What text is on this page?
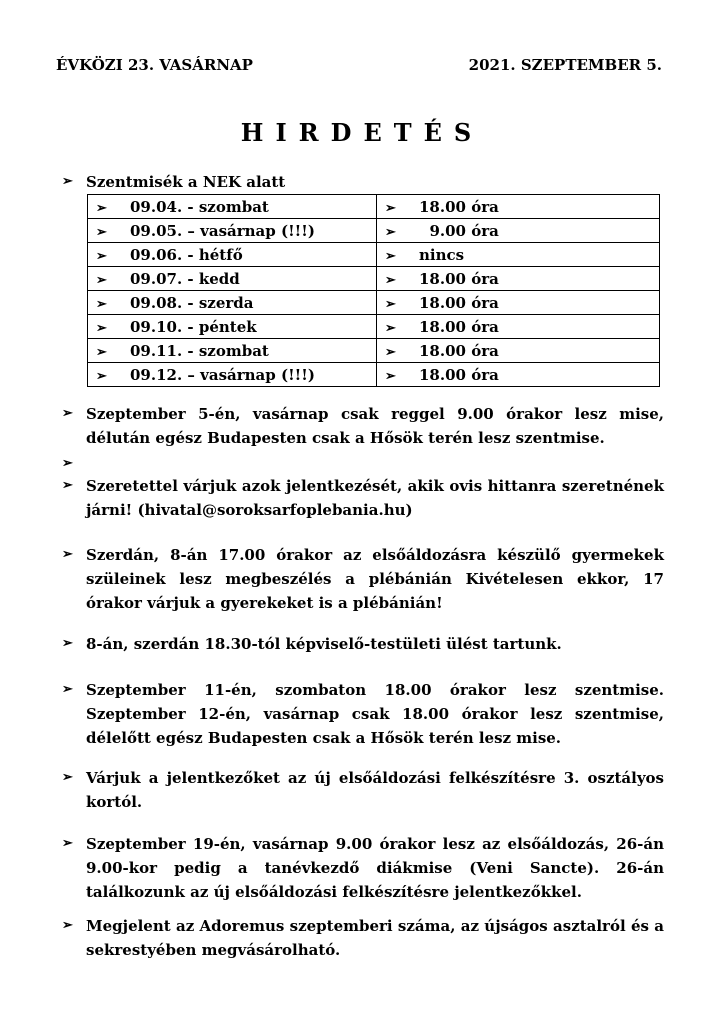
ÉVKÖZI 23. VASÁRNAP	2021. SZEPTEMBER 5.
HIRDETÉS
➢ Szentmisék a NEK alatt
➢ 09.04. - szombat	➢ 18.00 óra
➢ 09.05. – vasárnap (!!!)	➢  9.00 óra
➢ 09.06. - hétfő	➢ nincs
➢ 09.07. - kedd	➢ 18.00 óra
➢ 09.08. - szerda	➢ 18.00 óra
➢ 09.10. - péntek	➢ 18.00 óra
➢ 09.11. - szombat	➢ 18.00 óra
➢ 09.12. – vasárnap (!!!)	➢ 18.00 óra
➢ Szeptember 5-én, vasárnap csak reggel 9.00 órakor lesz mise, délután egész Budapesten csak a Hősök terén lesz szentmise.
➢
➢ Szeretettel várjuk azok jelentkezését, akik ovis hittanra szeretnének járni! (hivatal@soroksarfoplebania.hu)
➢ Szerdán, 8-án 17.00 órakor az elsőáldozásra készülő gyermekek szüleinek lesz megbeszélés a plébánián Kivételesen ekkor, 17 órakor várjuk a gyerekeket is a plébánián!
➢ 8-án, szerdán 18.30-tól képviselő-testületi ülést tartunk.
➢ Szeptember 11-én, szombaton 18.00 órakor lesz szentmise. Szeptember 12-én, vasárnap csak 18.00 órakor lesz szentmise, délelőtt egész Budapesten csak a Hősök terén lesz mise.
➢ Várjuk a jelentkezőket az új elsőáldozási felkészítésre 3. osztályos kortól.
➢ Szeptember 19-én, vasárnap 9.00 órakor lesz az elsőáldozás, 26-án 9.00-kor pedig a tanévkezdő diákmise (Veni Sancte). 26-án találkozunk az új elsőáldozási felkészítésre jelentkezőkkel.
➢ Megjelent az Adoremus szeptemberi száma, az újságos asztalról és a sekrestyében megvásárolható.
